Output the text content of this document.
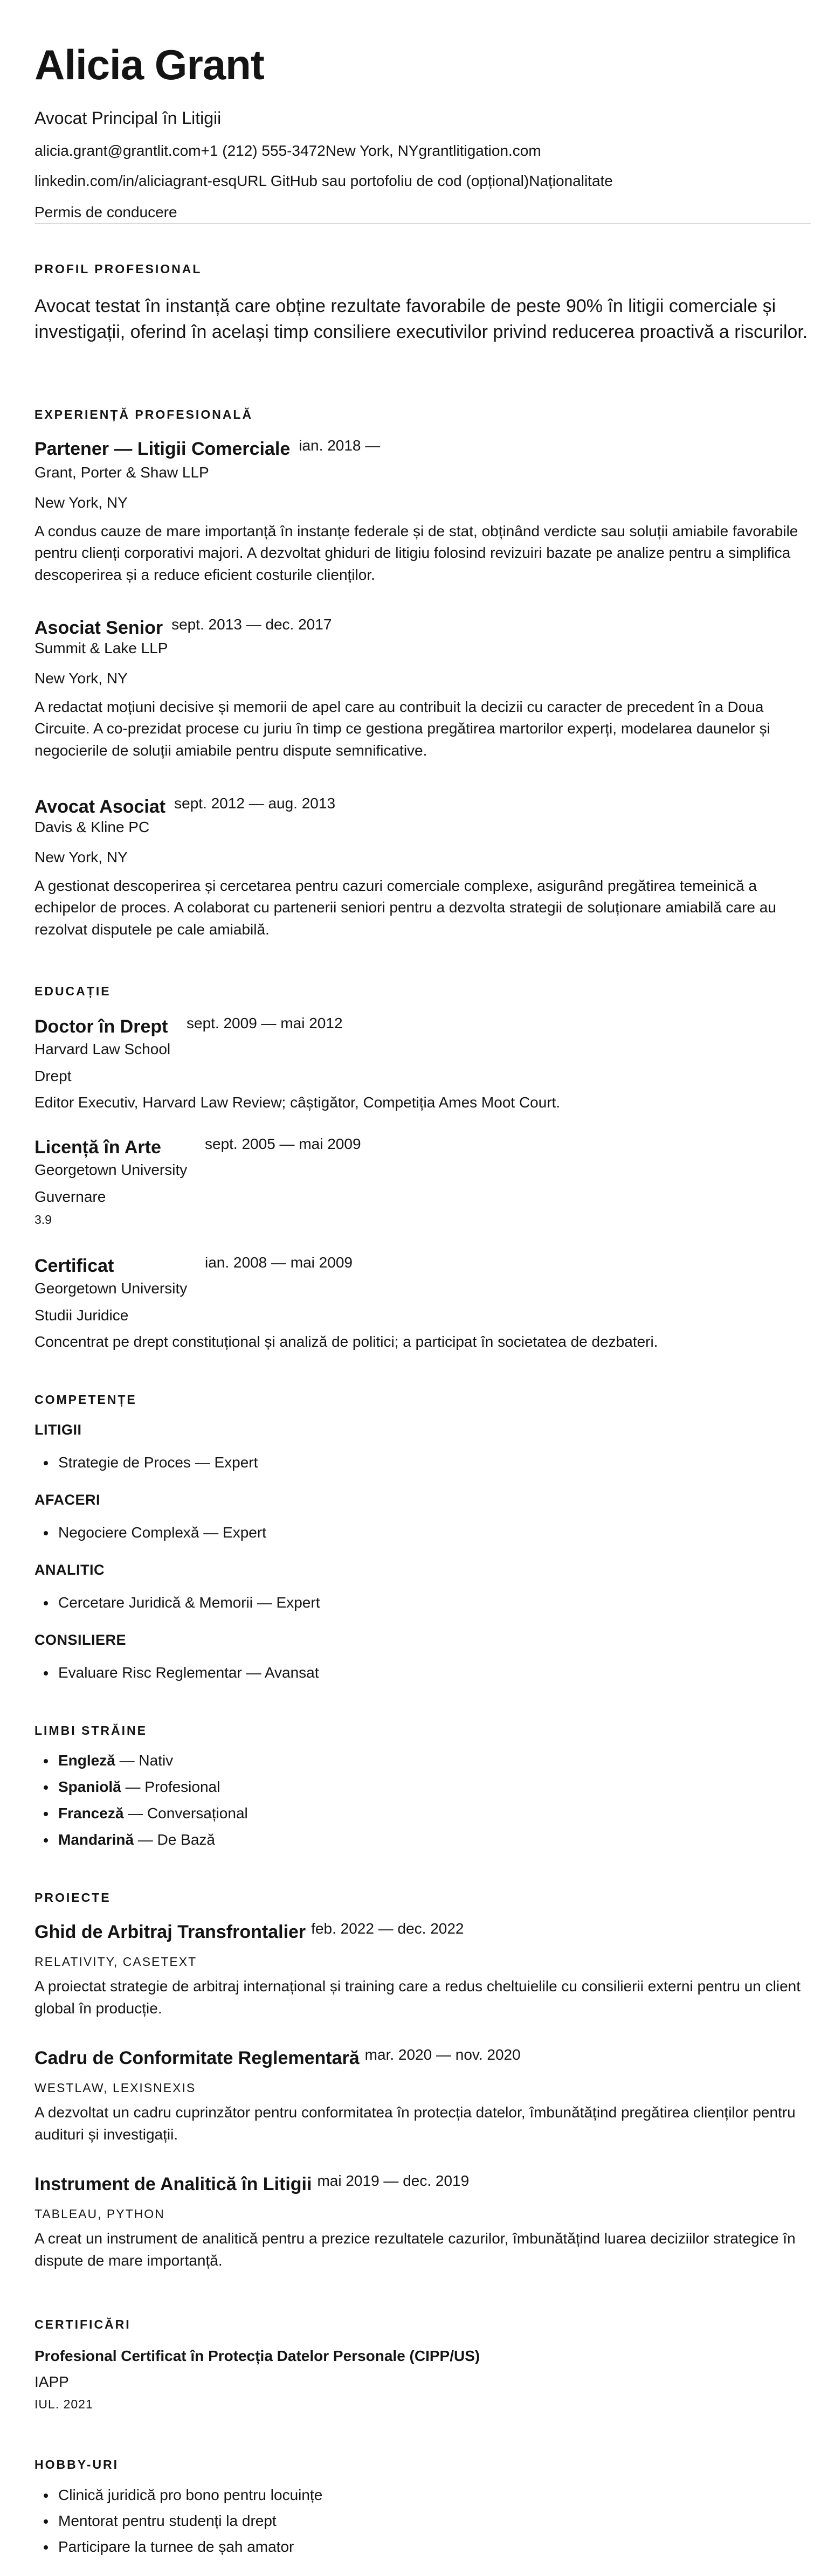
Alicia Grant

Avocat Principal în Litigii

alicia.grant@grantlit.com+1 (212) 555-3472New York, NYgrantlitigation.com

linkedin.com/in/aliciagrant-esqURL GitHub sau portofoliu de cod (opțional)Naționalitate

Permis de conducere

PROFIL PROFESIONAL

Avocat testat în instanță care obține rezultate favorabile de peste 90% în litigii comerciale și investigații, oferind în același timp consiliere executivilor privind reducerea proactivă a riscurilor.

EXPERIENȚĂ PROFESIONALĂ
Partener — Litigii Comerciale ian. 2018 —

Grant, Porter & Shaw LLP

New York, NY

A condus cauze de mare importanță în instanțe federale și de stat, obținând verdicte sau soluții amiabile favorabile pentru clienți corporativi majori. A dezvoltat ghiduri de litigiu folosind revizuiri bazate pe analize pentru a simplifica descoperirea și a reduce eficient costurile clienților.

Asociat Senior sept. 2013 — dec. 2017

Summit & Lake LLP

New York, NY

A redactat moțiuni decisive și memorii de apel care au contribuit la decizii cu caracter de precedent în a Doua Circuite. A co-prezidat procese cu juriu în timp ce gestiona pregătirea martorilor experți, modelarea daunelor și negocierile de soluții amiabile pentru dispute semnificative.

Avocat Asociat sept. 2012 — aug. 2013

Davis & Kline PC

New York, NY

A gestionat descoperirea și cercetarea pentru cazuri comerciale complexe, asigurând pregătirea temeinică a echipelor de proces. A colaborat cu partenerii seniori pentru a dezvolta strategii de soluționare amiabilă care au rezolvat disputele pe cale amiabilă.

EDUCAȚIE
Doctor în Drept	sept. 2009 — mai 2012

Harvard Law School

Drept

Editor Executiv, Harvard Law Review; câștigător, Competiția Ames Moot Court.

Licență în Arte	sept. 2005 — mai 2009

Georgetown University

Guvernare

3.9

Certificat	ian. 2008 — mai 2009

Georgetown University

Studii Juridice

Concentrat pe drept constituțional și analiză de politici; a participat în societatea de dezbateri.

COMPETENȚE

LITIGII

• Strategie de Proces — Expert

AFACERI

• Negociere Complexă — Expert

ANALITIC

• Cercetare Juridică & Memorii — Expert

CONSILIERE

• Evaluare Risc Reglementar — Avansat
LIMBI STRĂINE
• Engleză — Nativ
• Spaniolă — Profesional
• Franceză — Conversațional
• Mandarină — De Bază
PROIECTE
Ghid de Arbitraj Transfrontalier feb. 2022 — dec. 2022

RELATIVITY, CASETEXT

A proiectat strategie de arbitraj internațional și training care a redus cheltuielile cu consilierii externi pentru un client global în producție.

Cadru de Conformitate Reglementară mar. 2020 — nov. 2020

WESTLAW, LEXISNEXIS

A dezvoltat un cadru cuprinzător pentru conformitatea în protecția datelor, îmbunătățind pregătirea clienților pentru audituri și investigații.

Instrument de Analitică în Litigii mai 2019 — dec. 2019

TABLEAU, PYTHON

A creat un instrument de analitică pentru a prezice rezultatele cazurilor, îmbunătățind luarea deciziilor strategice în dispute de mare importanță.

CERTIFICĂRI

Profesional Certificat în Protecția Datelor Personale (CIPP/US)

IAPP

IUL. 2021

HOBBY-URI
• Clinică juridică pro bono pentru locuințe
• Mentorat pentru studenți la drept
• Participare la turnee de șah amator
